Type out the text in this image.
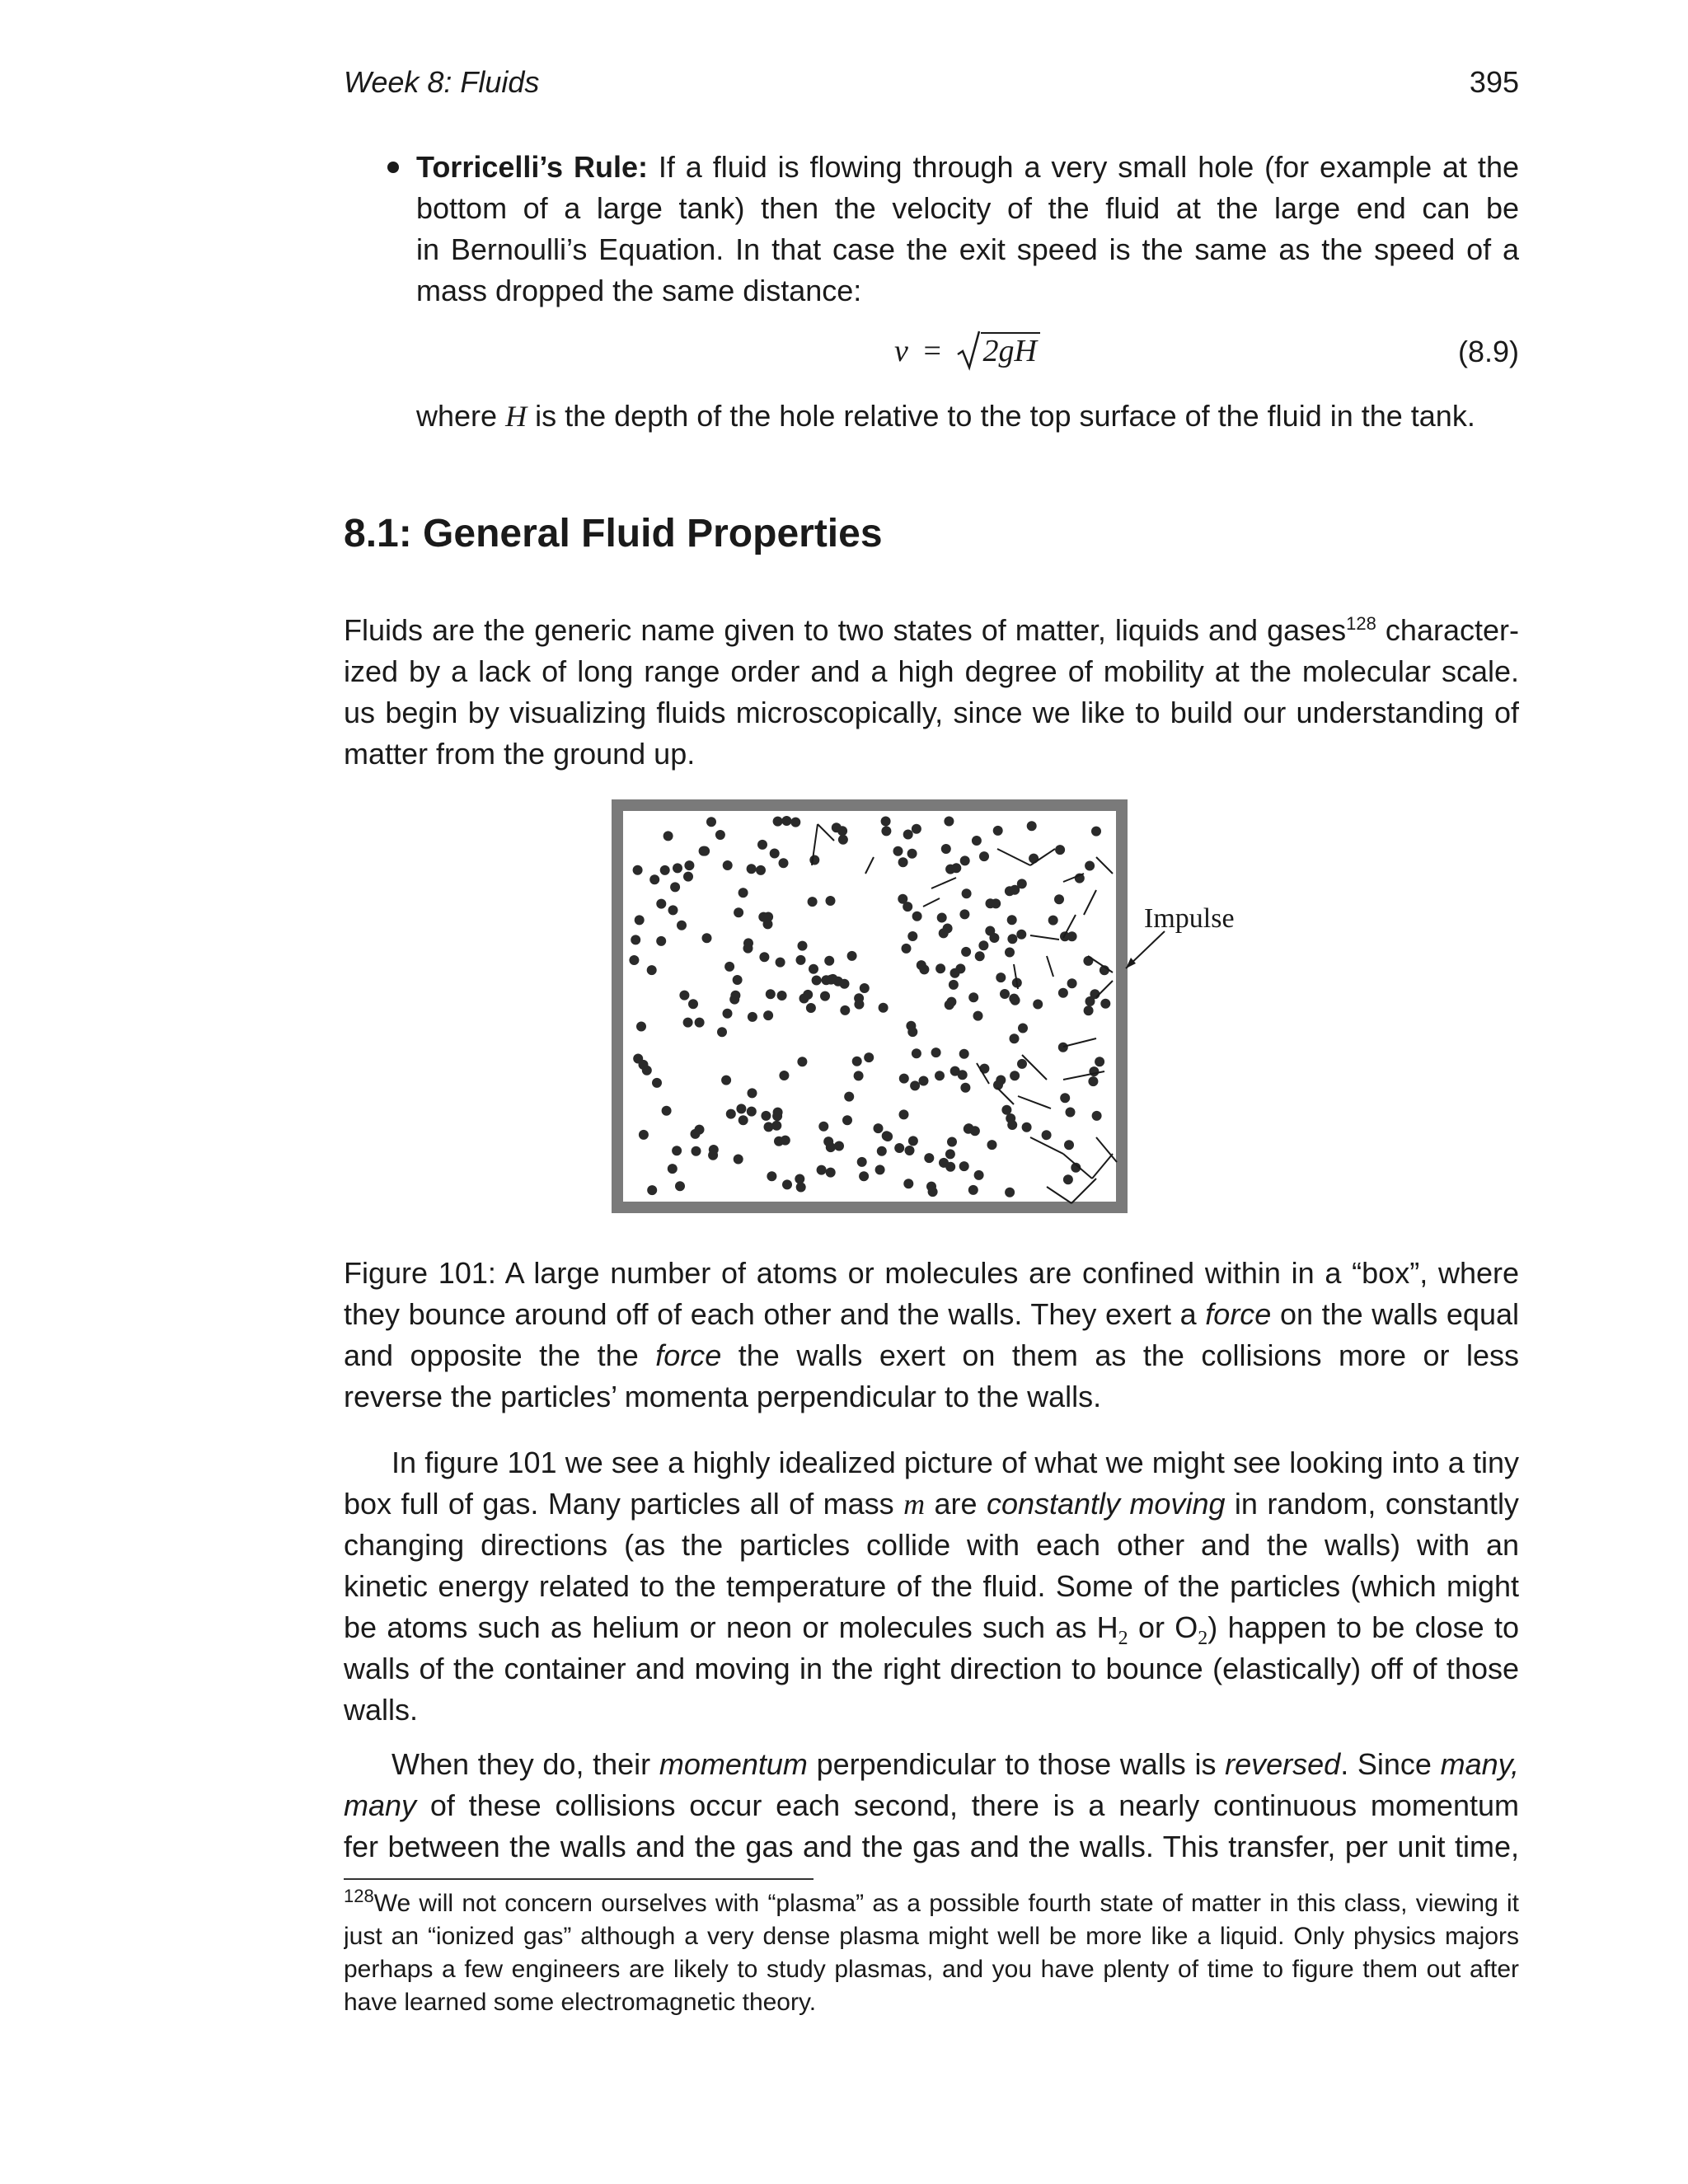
Week 8: Fluids	395
Torricelli’s Rule: If a fluid is flowing through a very small hole (for example at the
bottom of a large tank) then the velocity of the fluid at the large end can be
in Bernoulli’s Equation. In that case the exit speed is the same as the speed of a
mass dropped the same distance:
v = 2gH	(8.9)
where H is the depth of the hole relative to the top surface of the fluid in the tank.
8.1: General Fluid Properties
Fluids are the generic name given to two states of matter, liquids and gases$^{128}$ character-
ized by a lack of long range order and a high degree of mobility at the molecular scale.
us begin by visualizing fluids microscopically, since we like to build our understanding of
matter from the ground up.
Impulse
Figure 101: A large number of atoms or molecules are confined within in a “box”, where
they bounce around off of each other and the walls. They exert a force on the walls equal
and opposite the the force the walls exert on them as the collisions more or less
reverse the particles’ momenta perpendicular to the walls.
In figure 101 we see a highly idealized picture of what we might see looking into a tiny
box full of gas. Many particles all of mass m are constantly moving in random, constantly
changing directions (as the particles collide with each other and the walls) with an
kinetic energy related to the temperature of the fluid. Some of the particles (which might
be atoms such as helium or neon or molecules such as $H_2$ or $O_2$) happen to be close to
walls of the container and moving in the right direction to bounce (elastically) off of those
walls.
When they do, their momentum perpendicular to those walls is reversed. Since many,
many of these collisions occur each second, there is a nearly continuous momentum
fer between the walls and the gas and the gas and the walls. This transfer, per unit time,
$^{128}$We will not concern ourselves with “plasma” as a possible fourth state of matter in this class, viewing it
just an “ionized gas” although a very dense plasma might well be more like a liquid. Only physics majors
perhaps a few engineers are likely to study plasmas, and you have plenty of time to figure them out after
have learned some electromagnetic theory.
